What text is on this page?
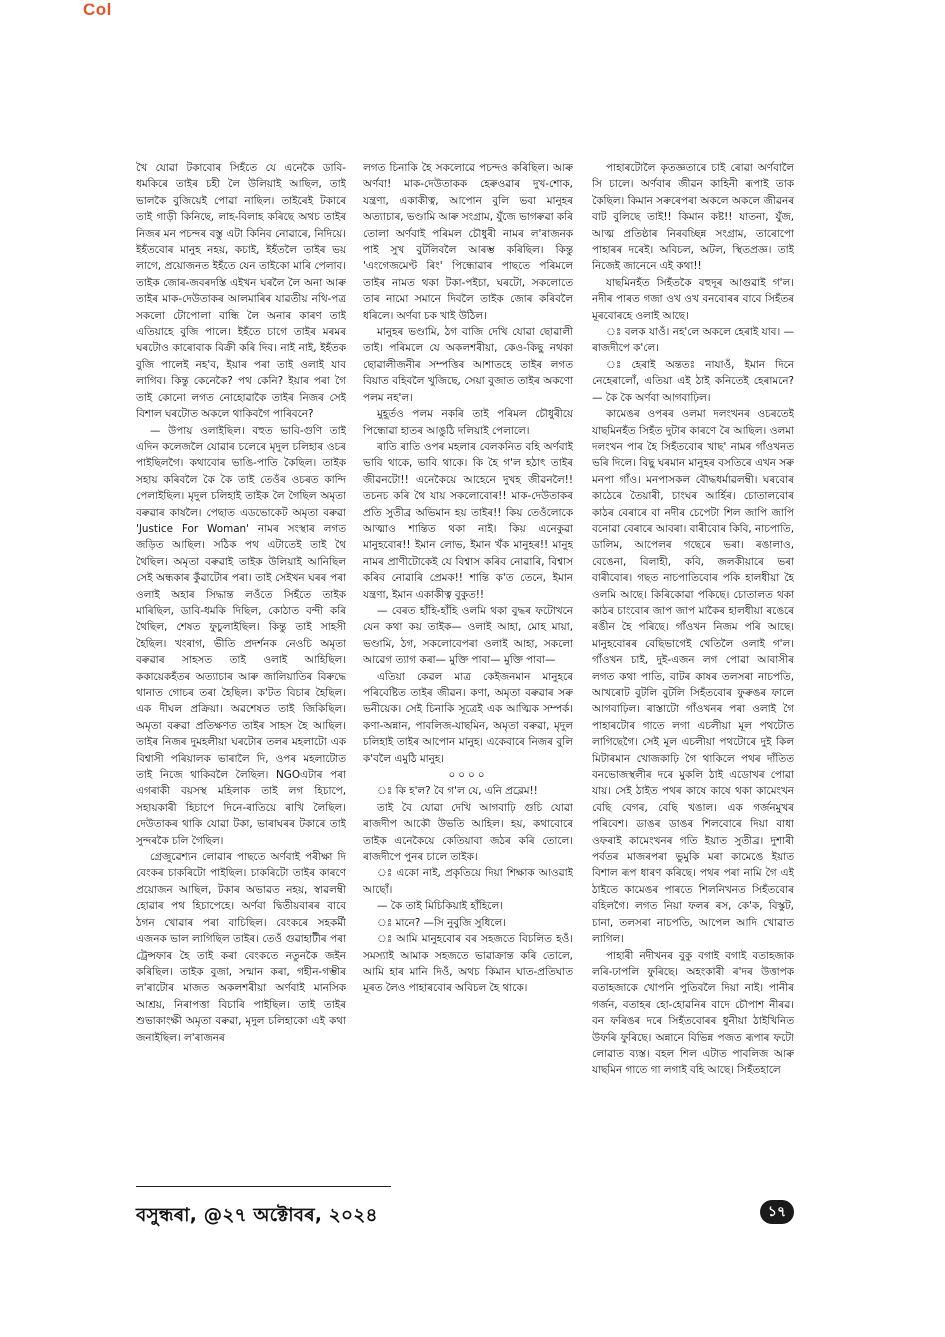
Col

খৈ যোৱা টকাবোৰ সিহঁতে যে এনেকৈ ডাবি-ধমকিৰে তাইৰ চহী লৈ উলিয়াই আছিল, তাই ভালকৈ বুজিয়েই পোৱা নাছিল। তাইৰেই টকাৰে তাই গাড়ী কিনিছে, লাহ-বিলাহ কৰিছে অথচ তাইৰ নিজৰ মন পচন্দৰ বস্তু এটা কিনিব নোৱাৰে, নিদিয়ে। ইহঁতবোৰ মানুহ নহয়, কচাই, ইহঁতলৈ তাইৰ ভয় লাগে, প্ৰয়োজনত ইহঁতে যেন তাইকো মাৰি পেলাব। তাইক জোৰ-জবৰদস্তি এইখন ঘৰলৈ লৈ অনা আৰু তাইৰ মাক-দেউতাকৰ আলমাৰিৰ যাৱতীয় নথি-পত্ৰ সকলো টোপোলা বান্ধি লৈ অনাৰ কাৰণ তাই এতিয়াহে বুজি পালে। ইহঁতে চাগে তাইৰ মৰমৰ ঘৰটোও কাৰোবাক বিক্ৰী কৰি দিব। নাই নাই, ইহঁতক বুজি পালেই নহ'ব, ইয়াৰ পৰা তাই ওলাই যাব লাগিব। কিন্তু কেনেকৈ? পথ কেনি? ইয়াৰ পৰা গৈ তাই কোনো লগত নোহোৱাকৈ তাইৰ নিজৰ সেই বিশাল ঘৰটোত অকলে থাকিবগৈ পাৰিবনে?

— উপায় ওলাইছিল। বহুত ভাবি-গুণি তাই এদিন কলেজলৈ যোৱাৰ চলেৰে মৃদুল চলিহাৰ ওচৰ পাইছিলগৈ। কথাবোৰ ভাঙি-পাতি কৈছিল। তাইক সহায় কৰিবলৈ কৈ কৈ তাই তেওঁৰ ওচৰত কান্দি পেলাইছিল। মৃদুল চলিহাই তাইক লৈ গৈছিল অমৃতা বৰুৱাৰ কাষলৈ। পেছাত এডভোকেট অমৃতা বৰুৱা 'Justice For Woman' নামৰ সংস্থাৰ লগত জড়িত আছিল। সঠিক পথ এটাতেই তাই থৈ থৈছিল। অমৃতা বৰুৱাই তাইক উলিয়াই আনিছিল সেই অন্ধকাৰ কুঁৱাটোৰ পৰা। তাই সেইখন ঘৰৰ পৰা ওলাই অহাৰ সিদ্ধান্ত লওঁতে সিহঁতে তাইক মাৰিছিল, ডাবি-ধমকি দিছিল, কোঠাত বন্দী কৰি থৈছিল, শেষত ফুচুলাইছিল। কিন্তু তাই সাহসী হৈছিল। খংৰাগ, ভীতি প্ৰদৰ্শনক নেওচি অমৃতা বৰুৱাৰ সাহসত তাই ওলাই আহিছিল। ককায়েকহঁতৰ অত্যাচাৰ আৰু জালিয়াতিৰ বিৰুদ্ধে থানাত গোচৰ তৰা হৈছিল। ক'টত বিচাৰ হৈছিল। এক দীঘল প্ৰক্ৰিয়া। অৱশেষত তাই জিকিছিল। অমৃতা বৰুৱা প্ৰতিক্ষণত তাইৰ সাহস হৈ আছিল। তাইৰ নিজৰ দুমহলীয়া ঘৰটোৰ তলৰ মহলাটো এক বিশ্বাসী পৰিয়ালক ভাৰালৈ দি, ওপৰ মহলাটোত তাই নিজে থাকিবলৈ লৈছিল। NGOএটাৰ পৰা এগৰাকী বয়সস্থ মহিলাক তাই লগ হিচাপে, সহায়কাৰী হিচাপে দিনে-ৰাতিয়ে ৰাখি লৈছিল। দেউতাকৰ থাকি যোৱা টকা, ভাৰাঘৰৰ টকাৰে তাই সুন্দৰকৈ চলি গৈছিল।

গ্ৰেজুৱেশ্যন লোৱাৰ পাছতে অৰ্ণবাই পৰীক্ষা দি বেংকৰ চাকৰিটো পাইছিল। চাকৰিটো তাইৰ কাৰণে প্ৰয়োজন আছিল, টকাৰ অভাৱত নহয়, স্বাৱলম্বী হোৱাৰ পথ হিচাপেহে। অৰ্ণবা দ্বিতীয়বাৰৰ বাবে ঠগন খোৱাৰ পৰা বাচিছিল। বেংকৰে সহকৰ্মী এজনক ভাল লাগিছিল তাইৰ। তেওঁ গুৱাহাটীৰ পৰা ট্ৰেন্সফাৰ হৈ তাই কৰা বেংকতে নতুনকৈ জইন কৰিছিল। তাইক বুজা, সন্মান কৰা, গহীন-গম্ভীৰ ল'ৰাটোৰ মাজত অকলশৰীয়া অৰ্ণবাই মানসিক আশ্ৰয়, নিৰাপত্তা বিচাৰি পাইছিল। তাই তাইৰ শুভাকাংক্ষী অমৃতা বৰুৱা, মৃদুল চলিহাকো এই কথা জনাইছিল। ল'ৰাজনৰ

লগত চিনাকি হৈ সকলোৱে পচন্দও কৰিছিল। আৰু অৰ্ণবা! মাক-দেউতাকক হেৰুওৱাৰ দুখ-শোক, যন্ত্ৰণা, একাকীত্ব, আপোন বুলি ভবা মানুহৰ অত্যাচাৰ, ভণ্ডামি আৰু সংগ্ৰাম, যুঁজে ভাগৰুৱা কৰি তোলা অৰ্ণবাই পৰিমল চৌধুৰী নামৰ ল'ৰাজনক পাই সুখ বুটলিবলৈ আৰম্ভ কৰিছিল। কিন্তু 'এংগেজমেণ্ট ৰিং' পিন্ধোৱাৰ পাছতে পৰিমলে তাইৰ নামত থকা টকা-পইচা, ঘৰটো, সকলোতে তাৰ নামো সমানে দিবলৈ তাইক জোৰ কৰিবলৈ ধৰিলে। অৰ্ণবা চক খাই উঠিল।

মানুহৰ ভণ্ডামি, ঠগ বাজি দেখি যোৱা ছোৱালী তাই। পৰিমলে যে অকলশৰীয়া, কেও-কিছু নথকা ছোৱালীজনীৰ সম্পত্তিৰ আশাতহে তাইৰ লগত বিয়াত বহিবলৈ খুজিছে, সেয়া বুজাত তাইৰ অকণো পলম নহ'ল।

মুহূৰ্তও পলম নকৰি তাই পৰিমল চৌধুৰীয়ে পিন্ধোৱা হাতৰ আঙুঠি দলিয়াই পেলালে।

ৰাতি ৰাতি ওপৰ মহলাৰ বেলকনিত বহি অৰ্ণবাই ভাবি থাকে, ভাবি থাকে। কি হৈ গ'ল হঠাৎ তাইৰ জীৱনটো!! এনেকৈয়ে আহেনে দুখহ জীৱনলৈ!! তচনচ কৰি থৈ যায় সকলোবোৰ!! মাক-দেউতাকৰ প্ৰতি সুতীব্ৰ অভিমান হয় তাইৰ!! কিয় তেওঁলোকে আত্মাও শান্তিত থকা নাই। কিয় এনেকুৱা মানুহবোৰ!! ইমান লোভ, ইমান খঁক মানুহৰ!! মানুহ নামৰ প্ৰাণীটোকেই যে বিশ্বাস কৰিব নোৱাৰি, বিশ্বাস কৰিব নোৱাৰি প্ৰেমক!! শান্তি ক'ত তেনে, ইমান যন্ত্ৰণা, ইমান একাকীত্ব বুকুত!!

— বেৰত হাঁহি-হাঁহি ওলমি থকা বুদ্ধৰ ফটোখনে যেন কথা কয় তাইক— ওলাই আহা, মোহ মায়া, ভণ্ডামি, ঠগ, সকলোবেপৰা ওলাই আহা, সকলো আৱেগ ত্যাগ কৰা— মুক্তি পাবা— মুক্তি পাবা—

এতিয়া কেৱল মাত্ৰ কেইজনমান মানুহৰে পৰিবেষ্টিত তাইৰ জীৱন। কণা, অমৃতা বৰুৱাৰ সৰু ভনীয়েক। সেই চিনাকি সূত্ৰেই এক আত্মিক সম্পৰ্ক। কণা-অন্নান, পাবলিজ-যাছমিন, অমৃতা বৰুৱা, মৃদুল চলিহাই তাইৰ আপোন মানুহ। একেবাৰে নিজৰ বুলি ক'বলৈ এমুঠি মানুহ।

০০০০

ঃ কি হ'ল? বৈ গ'ল যে, এনি প্ৰব্লেম!!

তাই বৈ যোৱা দেখি আগবাঢ়ি গুচি যোৱা ৰাজদীপ আকৌ উভতি আহিল। হয়, কথাবোৰে তাইক এনেকৈয়ে কেতিয়াবা জঠৰ কৰি তোলে। ৰাজদীপে পুনৰ চালে তাইক।

ঃ একো নাই, প্ৰকৃতিয়ে দিয়া শিক্ষাক আওৱাই আছোঁ।

— কৈ তাই মিচিকিয়াই হাঁহিলে।

ঃ মানে? —সি নুবুজি সুধিলে।

ঃ আমি মানুহবোৰ বৰ সহজতে বিচলিত হওঁ। সমস্যাই আমাক সহজতে ভাৱাক্ৰান্ত কৰি তোলে, আমি হাৰ মানি দিওঁ, অথচ কিমান ঘাত-প্ৰতিঘাত মূৰত লৈও পাহাৰবোৰ অবিচল হৈ থাকে।

পাহাৰটোলৈ কৃতজ্ঞতাৰে চাই ৰোৱা অৰ্ণবালৈ সি চালে। অৰ্ণবাৰ জীৱন কাহিনী ৰূপাই তাক কৈছিল। কিমান সৰুৰেপৰা অকলে অকলে জীৱনৰ বাট বুলিছে তাই!! কিমান কষ্ট!! যাতনা, যুঁজ, আত্ম প্ৰতিষ্ঠাৰ নিৰবচ্ছিন্ন সংগ্ৰাম, তাৰোপো পাহাৰৰ দৰেই। অবিচল, অটল, স্থিতপ্ৰজ্ঞ। তাই নিজেই জানেনে এই কথা!!

যাছমিনহঁত সিহঁতকৈ বহুদূৰ আগুৱাই গ'ল। নদীৰ পাৰত গজা ওখ ওখ বনবোৰৰ বাবে সিহঁতৰ মূৰবোৰহে ওলাই আছে।

ঃ বলক যাওঁ। নহ'লে অকলে হেৰাই যাব। —ৰাজদীপে ক'লে।

ঃ হেৰাই অন্ততঃ নাযাওঁ, ইমান দিনে নেহেৰালোঁ, এতিয়া এই ঠাই কনিতেই হেৰামনে?— কৈ কৈ অৰ্ণবা আগবাঢ়িল।

কামেঙৰ ওপৰৰ ওলমা দলংখনৰ ওচৰতেই যাছমিনহঁত সিহঁত দুটাৰ কাৰণে ৰৈ আছিল। ওলমা দলংখন পাৰ হৈ সিহঁতবোৰ খাছ' নামৰ গাঁওখনত ভৰি দিলে। বিছু ঘৰমান মানুহৰ বসতিৰে এখন সৰু মনপা গাঁও। মনপাসকল বৌদ্ধধৰ্মাৱলম্বী। ঘৰবোৰ কাঠেৰে তৈয়াৰী, চাংঘৰ আৰ্হিৰ। চোতালবোৰ কাঠৰ বেৰাৰে বা নদীৰ চেপেটা শিল জাপি জাপি বনোৱা বেৰাৰে আবৰা। বাৰীবোৰ কিবি, নাচপাতি, ডালিম, আপেলৰ গছেৰে ভৰা। ৰঙালাও, বেঙেনা, বিলাহী, কবি, জলকীয়াৰে ভৰা বাৰীবোৰ। গছত নাচপাতিবোৰ পকি হালধীয়া হৈ ওলমি আছে। কিৰিকোৱা পকিছে। চোতালত থকা কাঠৰ চাংবোৰ জাপ জাপ মাকৈৰ হালধীয়া ৰঙেৰে ৰঙীন হৈ পৰিছে। গাঁওখন নিজম পৰি আছে। মানুহবোৰৰ বেছিভাগেই খেতিলৈ ওলাই গ'ল। গাঁওখন চাই, দুই-এজন লগ পোৱা আবাসীৰ লগত কথা পাতি, বাটৰ কাষৰ তলসৰা নাচপতি, আখৰোট বুটলি বুটলি সিহঁতবোৰ ফুৰুঙৰ ফালে আগবাঢ়িল। ৰাস্তাটো গাঁওখনৰ পৰা ওলাই গৈ পাহাৰটোৰ গাতে লগা এচলীয়া মূল পথটোত লাগিছেগৈ। সেই মূল এচলীয়া পথটোৰে দুই কিল মিটাৰমান খোজকাঢ়ি গৈ থাকিলে পথৰ দাঁতিত বনভোজস্থলীৰ দৰে মুকলি ঠাই এডোখৰ পোৱা যায়। সেই ঠাইত পথৰ কাষে কাষে থকা কামেংখন বেছি বেগৰ, বেছি খঙাল। এক গৰ্জনমুখৰ পৰিবেশ। ডাঙৰ ডাঙৰ শিলবোৰে দিয়া বাধা ওফৰাই কামেংখনৰ গতি ইয়াত সুতীব্ৰ। দুশাৰী পৰ্বতৰ মাজৰপৰা ভুমুকি মৰা কামেঙে ইয়াত বিশাল ৰূপ ধাৰণ কৰিছে। পথৰ পৰা নামি গৈ এই ঠাইতে কামেঙৰ পাৰতে শিলনিখনত সিহঁতবোৰ বহিলগৈ। লগত নিয়া ফলৰ ৰস, কে'ক, বিস্কুট, চানা, তলসৰা নাচপতি, আপেল আদি খোৱাত লাগিল।

পাহাৰী নদীখনৰ বুকু বগাই বগাই বতাহজাক লৰি-ঢাপলি ফুৰিছে। অহংকাৰী ৰ'দৰ উত্তাপক বতাহজাকে খোপনি পুতিবলৈ দিয়া নাই। পানীৰ গৰ্জন, বতাহৰ হো-হোৱনিৰ বাদে চৌপাশ নীৰৱ। বন ফৰিঙৰ দৰে সিহঁতবোৰৰ ধুনীয়া ঠাইখিনিত উফৰি ফুৰিছে। অন্নানে বিভিন্ন পজত ৰূপাৰ ফটো লোৱাত ব্যস্ত। বহল শিল এটাত পাবলিজ আৰু যাছমিন গাতে গা লগাই বহি আছে। সিহঁতহালে

বসুন্ধৰা, @২৭ অক্টোবৰ, ২০২৪	১৭
